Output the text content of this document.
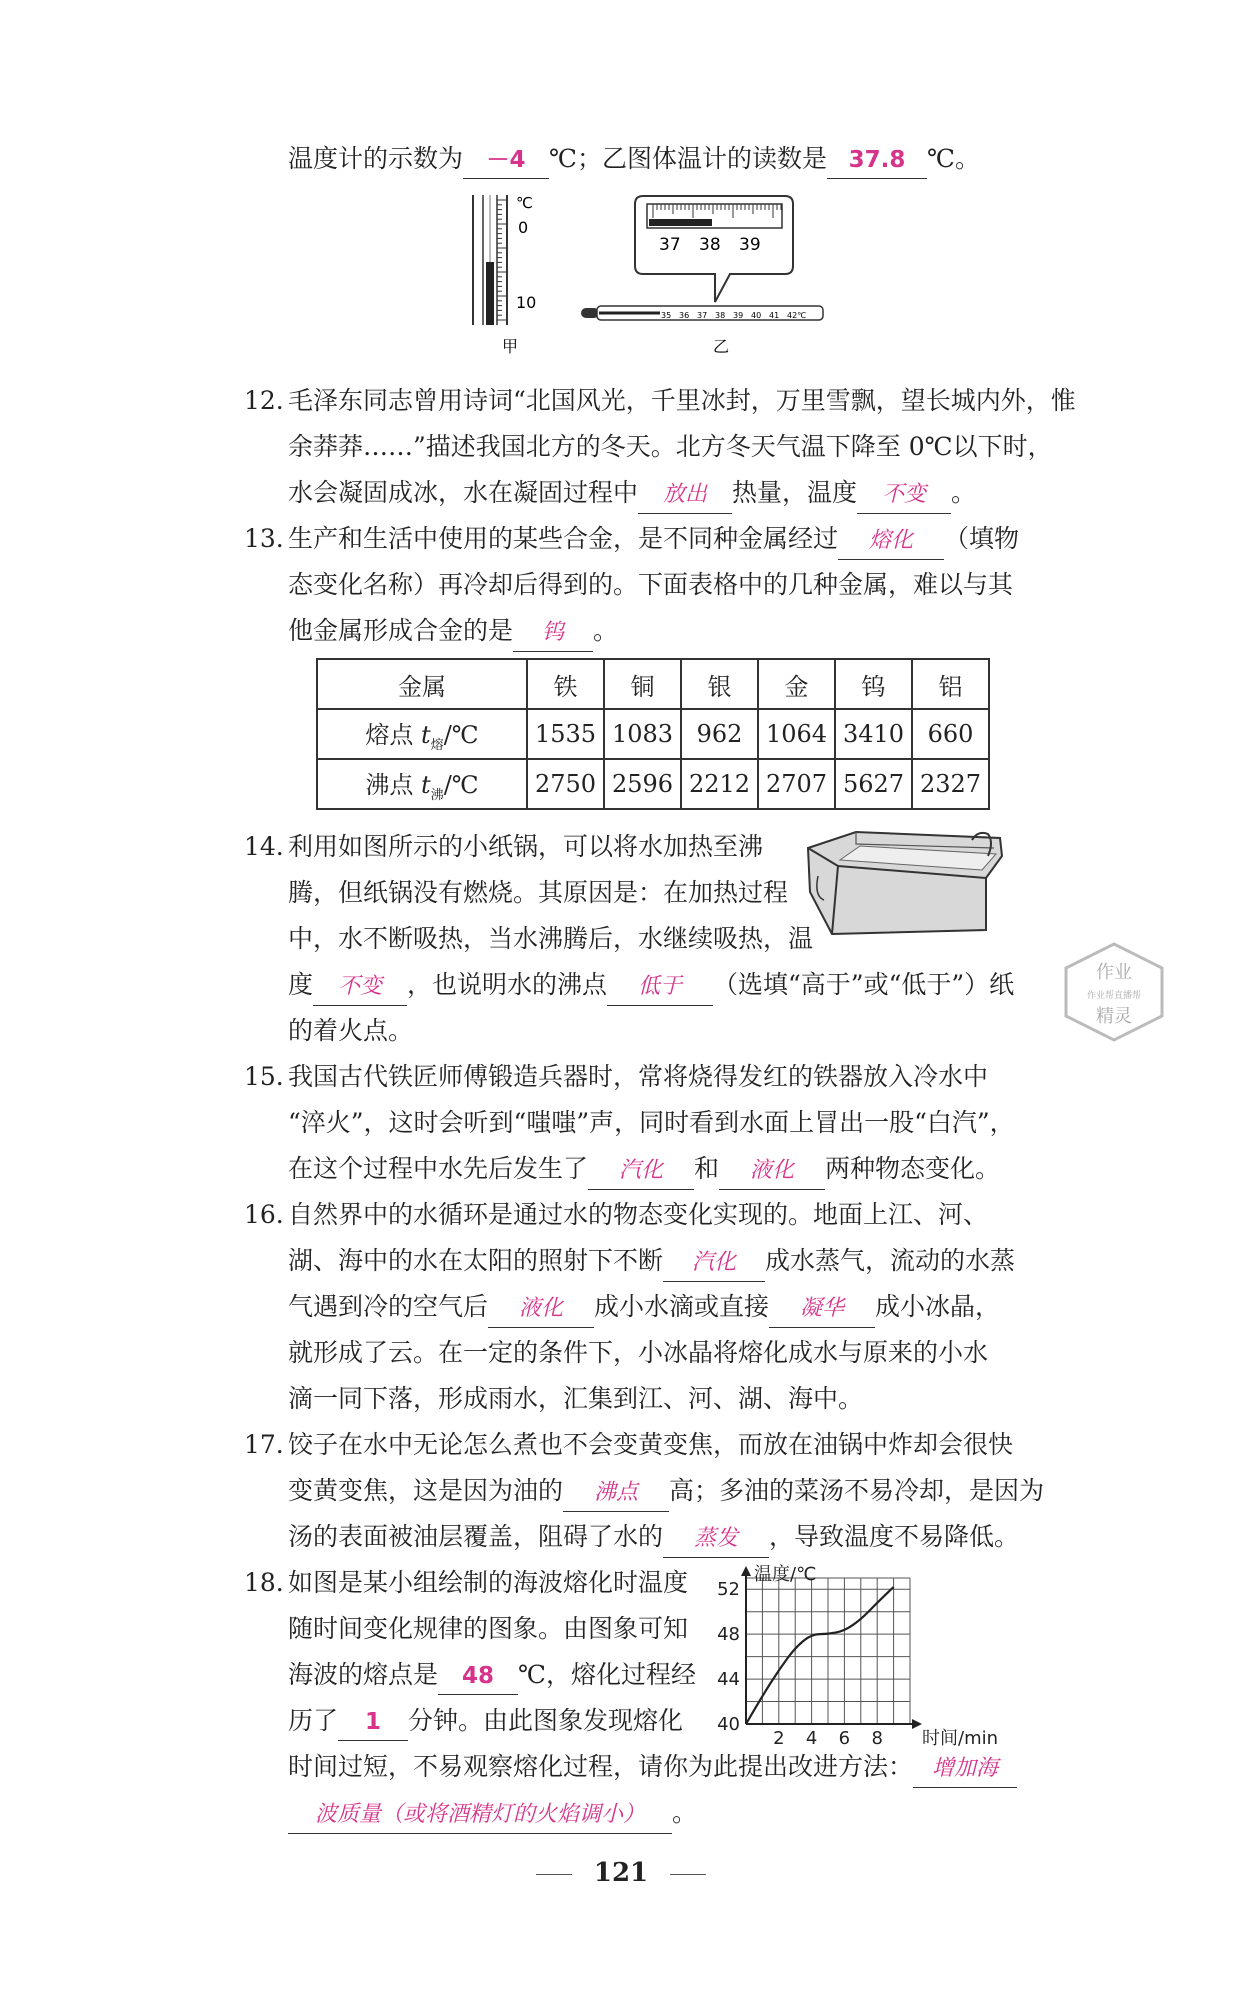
温度计的示数为 －4 ℃；乙图体温计的读数是 37.8 ℃。
℃
0
10
甲
37 38 39
35 36 37 38 39 40 41 42℃
乙
12. 毛泽东同志曾用诗词“北国风光，千里冰封，万里雪飘，望长城内外，惟
余莽莽……”描述我国北方的冬天。北方冬天气温下降至 0℃以下时，
水会凝固成冰，水在凝固过程中 放出 热量，温度 不变 。
13. 生产和生活中使用的某些合金，是不同种金属经过 熔化 （填物
态变化名称）再冷却后得到的。下面表格中的几种金属，难以与其
他金属形成合金的是 钨 。
金属	铁	铜	银	金	钨	铝
熔点 $t_熔/℃$	1535	1083	962	1064	3410	660
沸点 $t_沸/℃$	2750	2596	2212	2707	5627	2327
14. 利用如图所示的小纸锅，可以将水加热至沸
腾，但纸锅没有燃烧。其原因是：在加热过程
中，水不断吸热，当水沸腾后，水继续吸热，温
度 不变 ，也说明水的沸点 低于 （选填“高于”或“低于”）纸
的着火点。
作业
作业帮直播帮
精灵
15. 我国古代铁匠师傅锻造兵器时，常将烧得发红的铁器放入冷水中
“淬火”，这时会听到“嗤嗤”声，同时看到水面上冒出一股“白汽”，
在这个过程中水先后发生了 汽化 和 液化 两种物态变化。
16. 自然界中的水循环是通过水的物态变化实现的。地面上江、河、
湖、海中的水在太阳的照射下不断 汽化 成水蒸气，流动的水蒸
气遇到冷的空气后 液化 成小水滴或直接 凝华 成小冰晶，
就形成了云。在一定的条件下，小冰晶将熔化成水与原来的小水
滴一同下落，形成雨水，汇集到江、河、湖、海中。
17. 饺子在水中无论怎么煮也不会变黄变焦，而放在油锅中炸却会很快
变黄变焦，这是因为油的 沸点 高；多油的菜汤不易冷却，是因为
汤的表面被油层覆盖，阻碍了水的 蒸发 ，导致温度不易降低。
18. 如图是某小组绘制的海波熔化时温度
随时间变化规律的图象。由图象可知
海波的熔点是 48 ℃，熔化过程经
历了 1 分钟。由此图象发现熔化
时间过短，不易观察熔化过程，请你为此提出改进方法： 增加海
波质量（或将酒精灯的火焰调小） 。
2 4 6 8
40
44
48
52
时间/min
温度/℃
121
